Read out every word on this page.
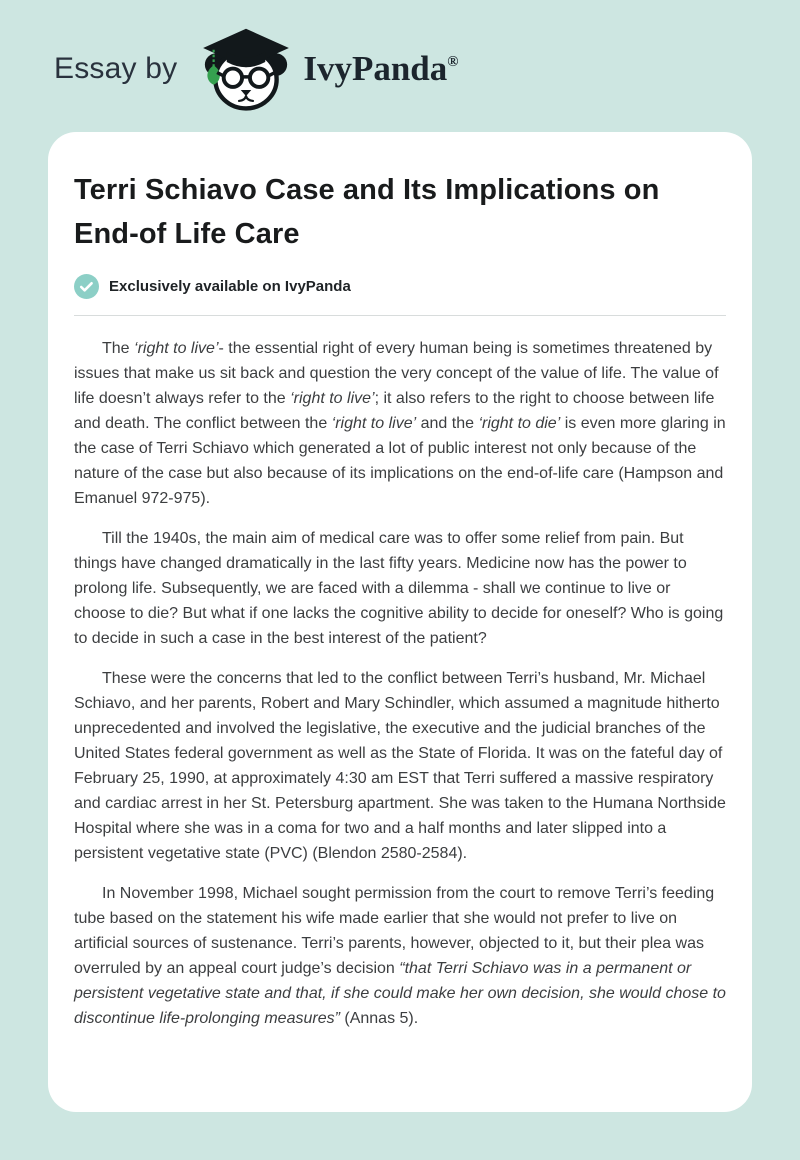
Essay by	IvyPanda®
Terri Schiavo Case and Its Implications on End-of Life Care
Exclusively available on IvyPanda

The ‘right to live’- the essential right of every human being is sometimes threatened by issues that make us sit back and question the very concept of the value of life. The value of life doesn’t always refer to the ‘right to live’; it also refers to the right to choose between life and death. The conflict between the ‘right to live’ and the ‘right to die’ is even more glaring in the case of Terri Schiavo which generated a lot of public interest not only because of the nature of the case but also because of its implications on the end-of-life care (Hampson and Emanuel 972-975).

Till the 1940s, the main aim of medical care was to offer some relief from pain. But things have changed dramatically in the last fifty years. Medicine now has the power to prolong life. Subsequently, we are faced with a dilemma - shall we continue to live or choose to die? But what if one lacks the cognitive ability to decide for oneself? Who is going to decide in such a case in the best interest of the patient?

These were the concerns that led to the conflict between Terri’s husband, Mr. Michael Schiavo, and her parents, Robert and Mary Schindler, which assumed a magnitude hitherto unprecedented and involved the legislative, the executive and the judicial branches of the United States federal government as well as the State of Florida. It was on the fateful day of February 25, 1990, at approximately 4:30 am EST that Terri suffered a massive respiratory and cardiac arrest in her St. Petersburg apartment. She was taken to the Humana Northside Hospital where she was in a coma for two and a half months and later slipped into a persistent vegetative state (PVC) (Blendon 2580-2584).

In November 1998, Michael sought permission from the court to remove Terri’s feeding tube based on the statement his wife made earlier that she would not prefer to live on artificial sources of sustenance. Terri’s parents, however, objected to it, but their plea was overruled by an appeal court judge’s decision “that Terri Schiavo was in a permanent or persistent vegetative state and that, if she could make her own decision, she would chose to discontinue life-prolonging measures” (Annas 5).
